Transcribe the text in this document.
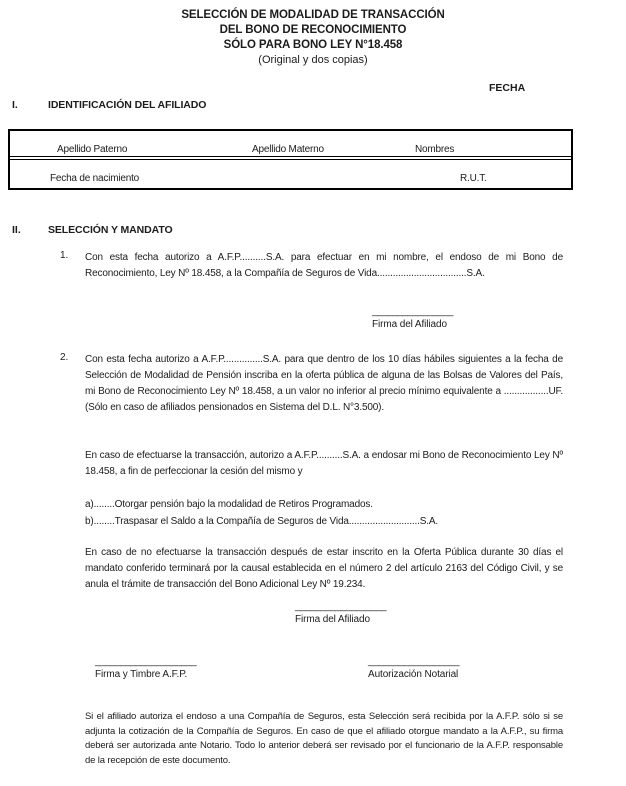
SELECCIÓN DE MODALIDAD DE TRANSACCIÓN
DEL BONO DE RECONOCIMIENTO
SÓLO PARA BONO LEY N°18.458
(Original y dos copias)
FECHA
I.	IDENTIFICACIÓN DEL AFILIADO
Apellido Paterno	Apellido Materno	Nombres
Fecha de nacimiento	R.U.T.
II.	SELECCIÓN Y MANDATO
1. Con esta fecha autorizo a A.F.P..........S.A. para efectuar en mi nombre, el endoso de mi Bono de Reconocimiento, Ley Nº 18.458, a la Compañía de Seguros de Vida..................................S.A.
________________
Firma del Afiliado
2. Con esta fecha autorizo a A.F.P...............S.A. para que dentro de los 10 días hábiles siguientes a la fecha de Selección de Modalidad de Pensión inscriba en la oferta pública de alguna de las Bolsas de Valores del País, mi Bono de Reconocimiento Ley Nº 18.458, a un valor no inferior al precio mínimo equivalente a .................UF. (Sólo en caso de afiliados pensionados en Sistema del D.L. N°3.500).
En caso de efectuarse la transacción, autorizo a A.F.P..........S.A. a endosar mi Bono de Reconocimiento Ley Nº 18.458, a fin de perfeccionar la cesión del mismo y
a)........Otorgar pensión bajo la modalidad de Retiros Programados.
b)........Traspasar el Saldo a la Compañía de Seguros de Vida...........................S.A.
En caso de no efectuarse la transacción después de estar inscrito en la Oferta Pública durante 30 días el mandato conferido terminará por la causal establecida en el número 2 del artículo 2163 del Código Civil, y se anula el trámite de transacción del Bono Adicional Ley Nº 19.234.
__________________
Firma del Afiliado
____________________
Firma y Timbre A.F.P.
__________________
Autorización Notarial
Si el afiliado autoriza el endoso a una Compañía de Seguros, esta Selección será recibida por la A.F.P. sólo si se adjunta la cotización de la Compañía de Seguros. En caso de que el afiliado otorgue mandato a la A.F.P., su firma deberá ser autorizada ante Notario. Todo lo anterior deberá ser revisado por el funcionario de la A.F.P. responsable de la recepción de este documento.
